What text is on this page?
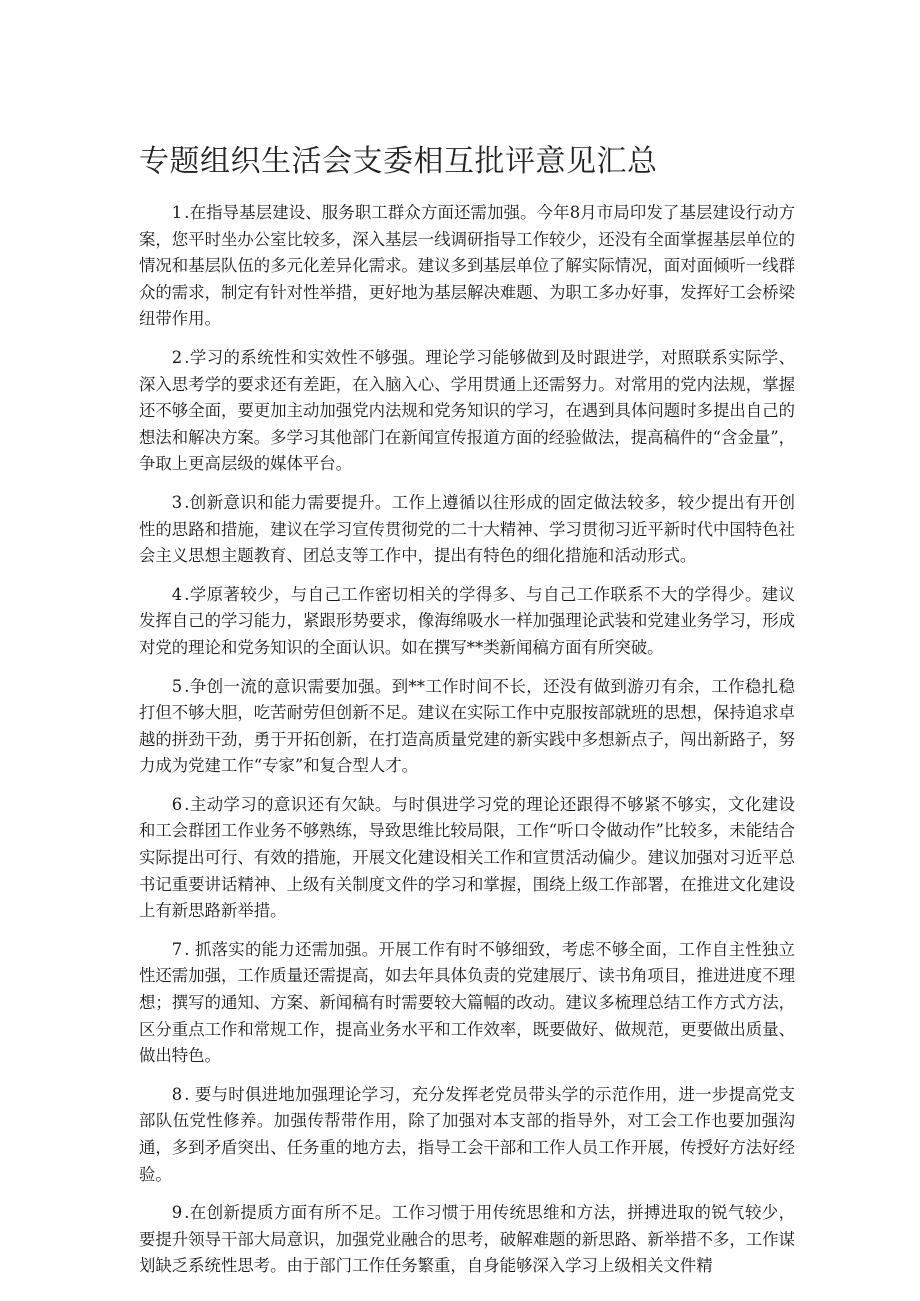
专题组织生活会支委相互批评意见汇总

1 .在指导基层建设、服务职工群众方面还需加强。今年8月市局印发了基层建设行动方案，您平时坐办公室比较多，深入基层一线调研指导工作较少，还没有全面掌握基层单位的情况和基层队伍的多元化差异化需求。建议多到基层单位了解实际情况，面对面倾听一线群众的需求，制定有针对性举措，更好地为基层解决难题、为职工多办好事，发挥好工会桥梁纽带作用。

2 .学习的系统性和实效性不够强。理论学习能够做到及时跟进学，对照联系实际学、深入思考学的要求还有差距，在入脑入心、学用贯通上还需努力。对常用的党内法规，掌握还不够全面，要更加主动加强党内法规和党务知识的学习，在遇到具体问题时多提出自己的想法和解决方案。多学习其他部门在新闻宣传报道方面的经验做法，提高稿件的“含金量”，争取上更高层级的媒体平台。

3 .创新意识和能力需要提升。工作上遵循以往形成的固定做法较多，较少提出有开创性的思路和措施，建议在学习宣传贯彻党的二十大精神、学习贯彻习近平新时代中国特色社会主义思想主题教育、团总支等工作中，提出有特色的细化措施和活动形式。

4 .学原著较少，与自己工作密切相关的学得多、与自己工作联系不大的学得少。建议发挥自己的学习能力，紧跟形势要求，像海绵吸水一样加强理论武装和党建业务学习，形成对党的理论和党务知识的全面认识。如在撰写**类新闻稿方面有所突破。

5 .争创一流的意识需要加强。到**工作时间不长，还没有做到游刃有余，工作稳扎稳打但不够大胆，吃苦耐劳但创新不足。建议在实际工作中克服按部就班的思想，保持追求卓越的拼劲干劲，勇于开拓创新，在打造高质量党建的新实践中多想新点子，闯出新路子，努力成为党建工作“专家”和复合型人才。

6 .主动学习的意识还有欠缺。与时俱进学习党的理论还跟得不够紧不够实，文化建设和工会群团工作业务不够熟练，导致思维比较局限，工作“听口令做动作”比较多，未能结合实际提出可行、有效的措施，开展文化建设相关工作和宣贯活动偏少。建议加强对习近平总书记重要讲话精神、上级有关制度文件的学习和掌握，围绕上级工作部署，在推进文化建设上有新思路新举措。

7 . 抓落实的能力还需加强。开展工作有时不够细致，考虑不够全面，工作自主性独立性还需加强，工作质量还需提高，如去年具体负责的党建展厅、读书角项目，推进进度不理想；撰写的通知、方案、新闻稿有时需要较大篇幅的改动。建议多梳理总结工作方式方法，区分重点工作和常规工作，提高业务水平和工作效率，既要做好、做规范，更要做出质量、做出特色。

8 . 要与时俱进地加强理论学习，充分发挥老党员带头学的示范作用，进一步提高党支部队伍党性修养。加强传帮带作用，除了加强对本支部的指导外，对工会工作也要加强沟通，多到矛盾突出、任务重的地方去，指导工会干部和工作人员工作开展，传授好方法好经验。

9 .在创新提质方面有所不足。工作习惯于用传统思维和方法，拼搏进取的锐气较少，要提升领导干部大局意识，加强党业融合的思考，破解难题的新思路、新举措不多，工作谋划缺乏系统性思考。由于部门工作任务繁重，自身能够深入学习上级相关文件精
